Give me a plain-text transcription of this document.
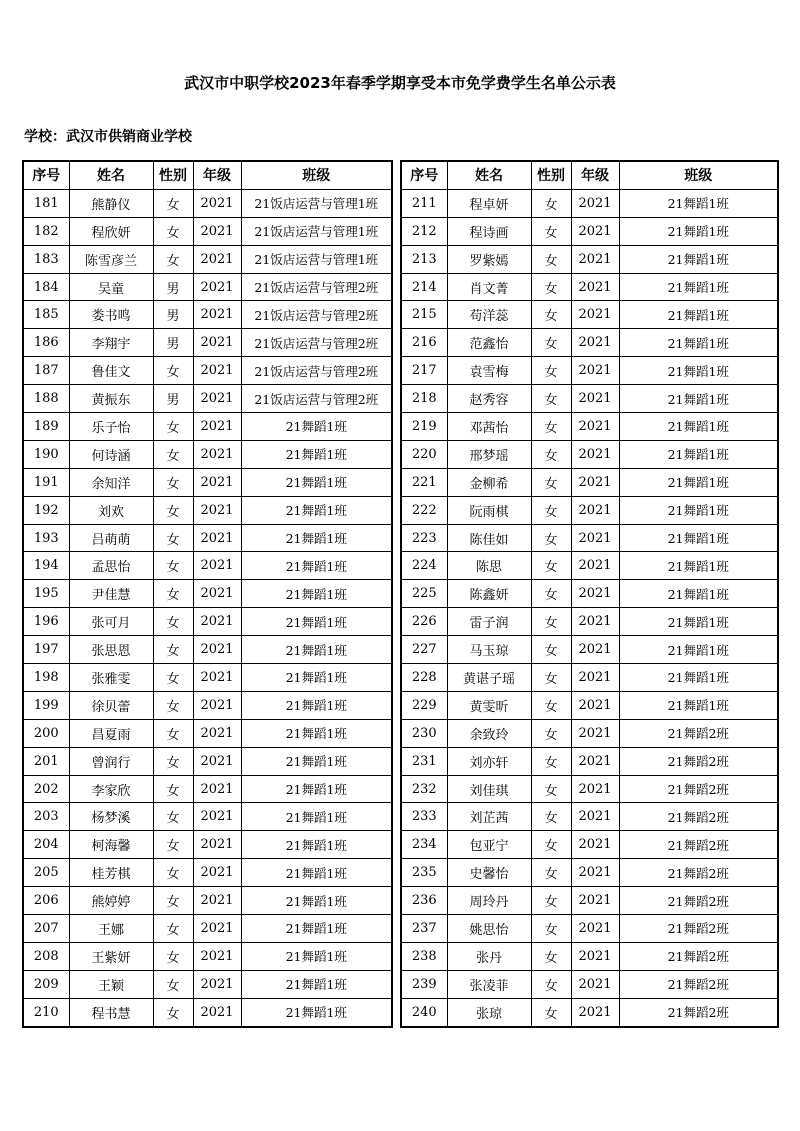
武汉市中职学校2023年春季学期享受本市免学费学生名单公示表
学校：武汉市供销商业学校
序号	姓名	性别	年级	班级
181	熊静仪	女	2021	21饭店运营与管理1班
182	程欣妍	女	2021	21饭店运营与管理1班
183	陈雪彦兰	女	2021	21饭店运营与管理1班
184	吴童	男	2021	21饭店运营与管理2班
185	娄书鸣	男	2021	21饭店运营与管理2班
186	李翔宇	男	2021	21饭店运营与管理2班
187	鲁佳文	女	2021	21饭店运营与管理2班
188	黄振东	男	2021	21饭店运营与管理2班
189	乐子怡	女	2021	21舞蹈1班
190	何诗涵	女	2021	21舞蹈1班
191	余知洋	女	2021	21舞蹈1班
192	刘欢	女	2021	21舞蹈1班
193	吕萌萌	女	2021	21舞蹈1班
194	孟思怡	女	2021	21舞蹈1班
195	尹佳慧	女	2021	21舞蹈1班
196	张可月	女	2021	21舞蹈1班
197	张思恩	女	2021	21舞蹈1班
198	张雅雯	女	2021	21舞蹈1班
199	徐贝蕾	女	2021	21舞蹈1班
200	昌夏雨	女	2021	21舞蹈1班
201	曾润行	女	2021	21舞蹈1班
202	李家欣	女	2021	21舞蹈1班
203	杨梦溪	女	2021	21舞蹈1班
204	柯海馨	女	2021	21舞蹈1班
205	桂芳棋	女	2021	21舞蹈1班
206	熊婷婷	女	2021	21舞蹈1班
207	王娜	女	2021	21舞蹈1班
208	王紫妍	女	2021	21舞蹈1班
209	王颖	女	2021	21舞蹈1班
210	程书慧	女	2021	21舞蹈1班
序号	姓名	性别	年级	班级
211	程卓妍	女	2021	21舞蹈1班
212	程诗画	女	2021	21舞蹈1班
213	罗紫嫣	女	2021	21舞蹈1班
214	肖文菁	女	2021	21舞蹈1班
215	苟洋蕊	女	2021	21舞蹈1班
216	范鑫怡	女	2021	21舞蹈1班
217	袁雪梅	女	2021	21舞蹈1班
218	赵秀容	女	2021	21舞蹈1班
219	邓茜怡	女	2021	21舞蹈1班
220	邢梦瑶	女	2021	21舞蹈1班
221	金柳希	女	2021	21舞蹈1班
222	阮雨棋	女	2021	21舞蹈1班
223	陈佳如	女	2021	21舞蹈1班
224	陈思	女	2021	21舞蹈1班
225	陈鑫妍	女	2021	21舞蹈1班
226	雷子润	女	2021	21舞蹈1班
227	马玉琼	女	2021	21舞蹈1班
228	黄谌子瑶	女	2021	21舞蹈1班
229	黄雯昕	女	2021	21舞蹈1班
230	余致玲	女	2021	21舞蹈2班
231	刘亦轩	女	2021	21舞蹈2班
232	刘佳琪	女	2021	21舞蹈2班
233	刘芷茜	女	2021	21舞蹈2班
234	包亚宁	女	2021	21舞蹈2班
235	史馨怡	女	2021	21舞蹈2班
236	周玲丹	女	2021	21舞蹈2班
237	姚思怡	女	2021	21舞蹈2班
238	张丹	女	2021	21舞蹈2班
239	张凌菲	女	2021	21舞蹈2班
240	张琼	女	2021	21舞蹈2班
